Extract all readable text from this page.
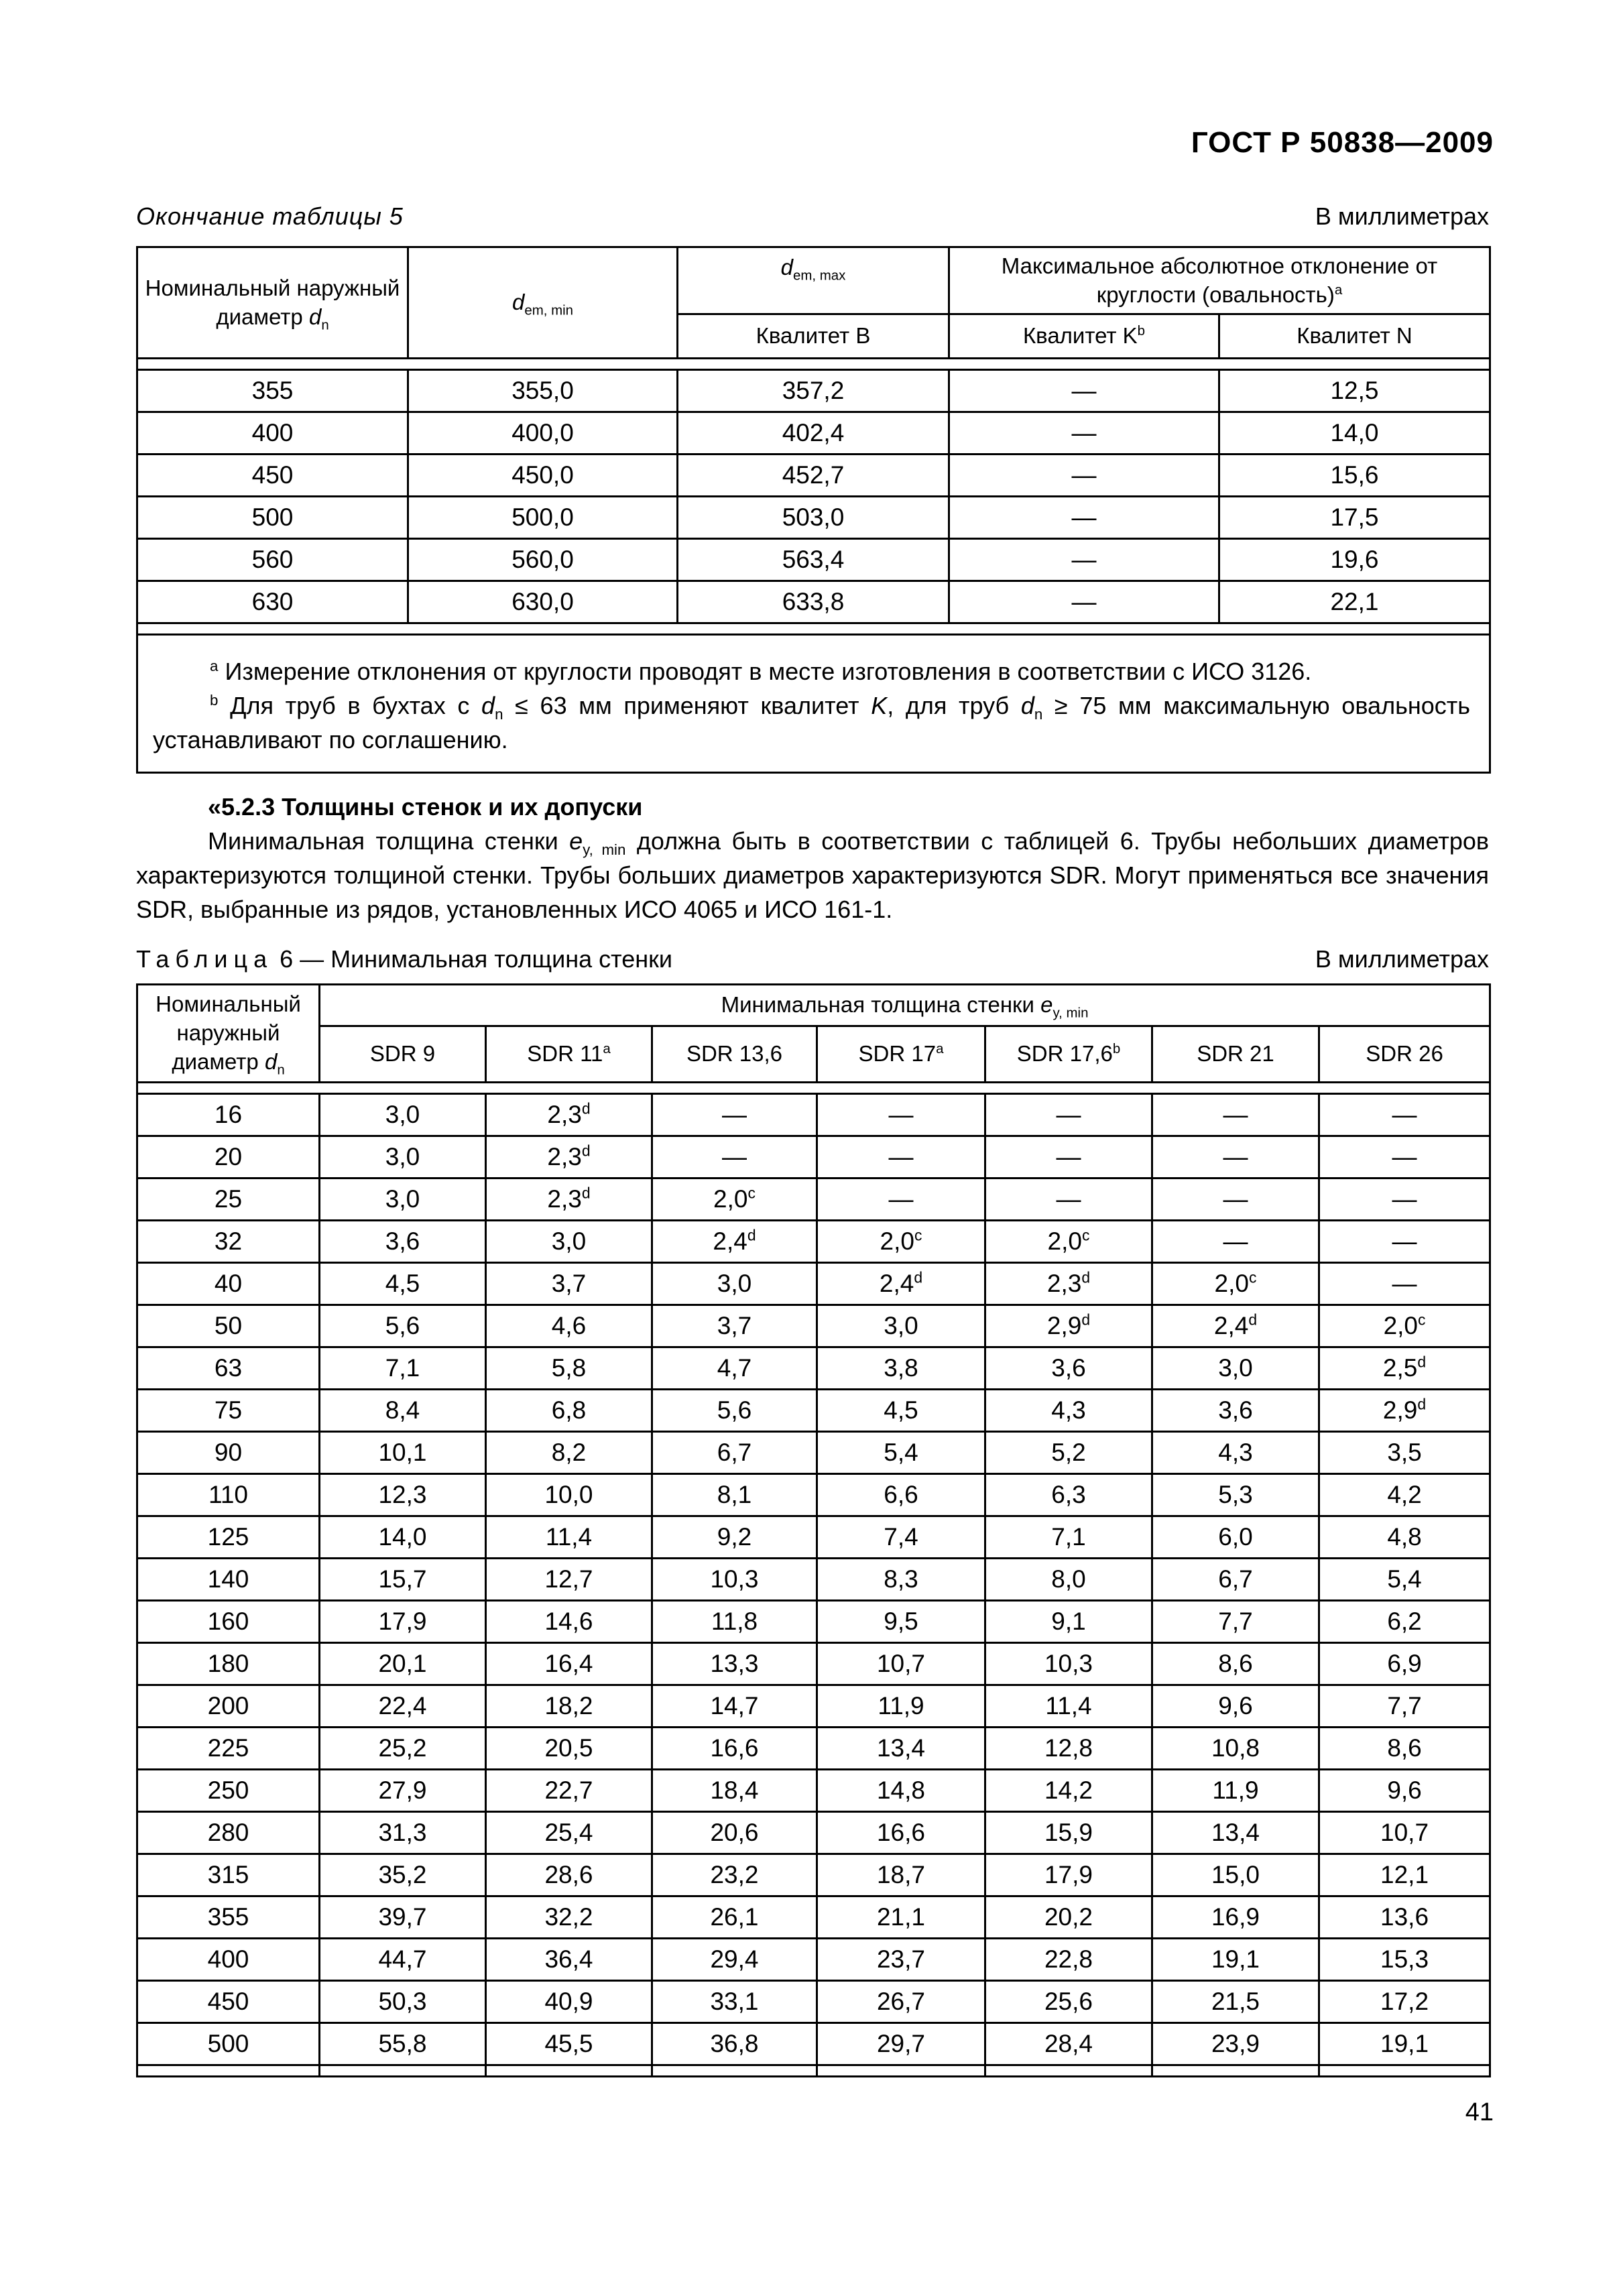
ГОСТ Р 50838—2009
Окончание таблицы 5	В миллиметрах
Номинальный наружный диаметр $d_n$	$d_{em, min}$	$d_{em, max}$	Максимальное абсолютное отклонение от круглости (овальность)$^a$
		Квалитет B	Квалитет $K^b$	Квалитет N

355	355,0	357,2	—	12,5
400	400,0	402,4	—	14,0
450	450,0	452,7	—	15,6
500	500,0	503,0	—	17,5
560	560,0	563,4	—	19,6
630	630,0	633,8	—	22,1

$^a$ Измерение отклонения от круглости проводят в месте изготовления в соответствии с ИСО 3126.
$^b$ Для труб в бухтах с $d_n \le 63$ мм применяют квалитет K, для труб $d_n \ge 75$ мм максимальную овальность устанавливают по соглашению.				
«5.2.3 Толщины стенок и их допуски
Минимальная толщина стенки $e_{y, min}$ должна быть в соответствии с таблицей 6. Трубы небольших диаметров характеризуются толщиной стенки. Трубы больших диаметров характеризуются SDR. Могут применяться все значения SDR, выбранные из рядов, установленных ИСО 4065 и ИСО 161-1.
Таблица 6 — Минимальная толщина стенки	В миллиметрах
Номинальный наружный диаметр $d_n$	Минимальная толщина стенки $e_{y, min}$
	SDR 9	SDR 11$^a$	SDR 13,6	SDR 17$^a$	SDR 17,6$^b$	SDR 21	SDR 26

16	3,0	2,3$^d$	—	—	—	—	—
20	3,0	2,3$^d$	—	—	—	—	—
25	3,0	2,3$^d$	2,0$^c$	—	—	—	—
32	3,6	3,0	2,4$^d$	2,0$^c$	2,0$^c$	—	—
40	4,5	3,7	3,0	2,4$^d$	2,3$^d$	2,0$^c$	—
50	5,6	4,6	3,7	3,0	2,9$^d$	2,4$^d$	2,0$^c$
63	7,1	5,8	4,7	3,8	3,6	3,0	2,5$^d$
75	8,4	6,8	5,6	4,5	4,3	3,6	2,9$^d$
90	10,1	8,2	6,7	5,4	5,2	4,3	3,5
110	12,3	10,0	8,1	6,6	6,3	5,3	4,2
125	14,0	11,4	9,2	7,4	7,1	6,0	4,8
140	15,7	12,7	10,3	8,3	8,0	6,7	5,4
160	17,9	14,6	11,8	9,5	9,1	7,7	6,2
180	20,1	16,4	13,3	10,7	10,3	8,6	6,9
200	22,4	18,2	14,7	11,9	11,4	9,6	7,7
225	25,2	20,5	16,6	13,4	12,8	10,8	8,6
250	27,9	22,7	18,4	14,8	14,2	11,9	9,6
280	31,3	25,4	20,6	16,6	15,9	13,4	10,7
315	35,2	28,6	23,2	18,7	17,9	15,0	12,1
355	39,7	32,2	26,1	21,1	20,2	16,9	13,6
400	44,7	36,4	29,4	23,7	22,8	19,1	15,3
450	50,3	40,9	33,1	26,7	25,6	21,5	17,2
500	55,8	45,5	36,8	29,7	28,4	23,9	19,1

41
